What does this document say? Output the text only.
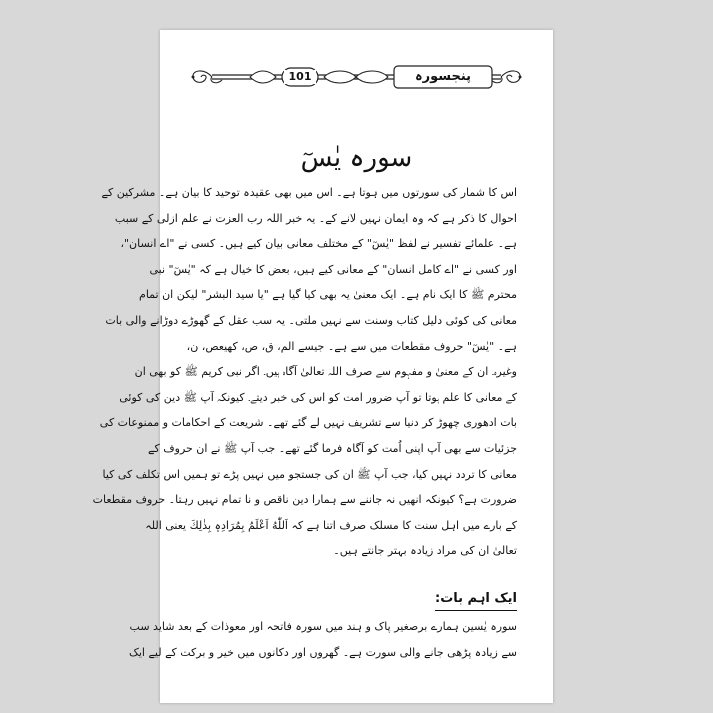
101	پنجسورہ
سورہ یٰسٓ
اس کا شمار کی سورتوں میں ہوتا ہے۔ اس میں بھی عقیدہ توحید کا بیان ہے۔ مشرکین کے
احوال کا ذکر ہے کہ وہ ایمان نہیں لانے کے۔ یہ خبر اللہ رب العزت نے علم ازلی کے سبب
ہے۔ علمائے تفسیر نے لفظ "یٰسٓ" کے مختلف معانی بیان کیے ہیں۔ کسی نے "اے انسان"،
اور کسی نے "اے کامل انسان" کے معانی کیے ہیں، بعض کا خیال ہے کہ "یٰسٓ" نبی
محترم ﷺ کا ایک نام ہے۔ ایک معنیٰ یہ بھی کیا گیا ہے "یا سید البشر" لیکن ان تمام
معانی کی کوئی دلیل کتاب وسنت سے نہیں ملتی۔ یہ سب عقل کے گھوڑے دوڑانے والی بات
ہے۔ "یٰسٓ" حروف مقطعات میں سے ہے۔ جیسے الم، ق، ص، کھیعص، ن،
وغیرہ۔ ان کے معنیٰ و مفہوم سے صرف اللہ تعالیٰ آگاہ ہیں۔ اگر نبی کریم ﷺ کو بھی ان
کے معانی کا علم ہوتا تو آپ ضرور امت کو اس کی خبر دیتے۔ کیونکہ آپ ﷺ دین کی کوئی
بات ادھوری چھوڑ کر دنیا سے تشریف نہیں لے گئے تھے۔ شریعت کے احکامات و ممنوعات کی
جزئیات سے بھی آپ اپنی اُمت کو آگاہ فرما گئے تھے۔ جب آپ ﷺ نے ان حروف کے
معانی کا تردد نہیں کیا، جب آپ ﷺ ان کی جستجو میں نہیں پڑے تو ہمیں اس تکلف کی کیا
ضرورت ہے؟ کیونکہ انھیں نہ جاننے سے ہمارا دین ناقص و نا تمام نہیں رہتا۔ حروف مقطعات
کے بارے میں اہل سنت کا مسلک صرف اتنا ہے کہ اَللّٰهُ اَعْلَمُ بِمُرَادِهٖ بِذٰلِكَ یعنی اللہ
تعالیٰ ان کی مراد زیادہ بہتر جانتے ہیں۔
ایک اہم بات:
سورہ یٰسین ہمارے برصغیر پاک و ہند میں سورہ فاتحہ اور معوذات کے بعد شاید سب
سے زیادہ پڑھی جانے والی سورت ہے۔ گھروں اور دکانوں میں خیر و برکت کے لیے ایک
